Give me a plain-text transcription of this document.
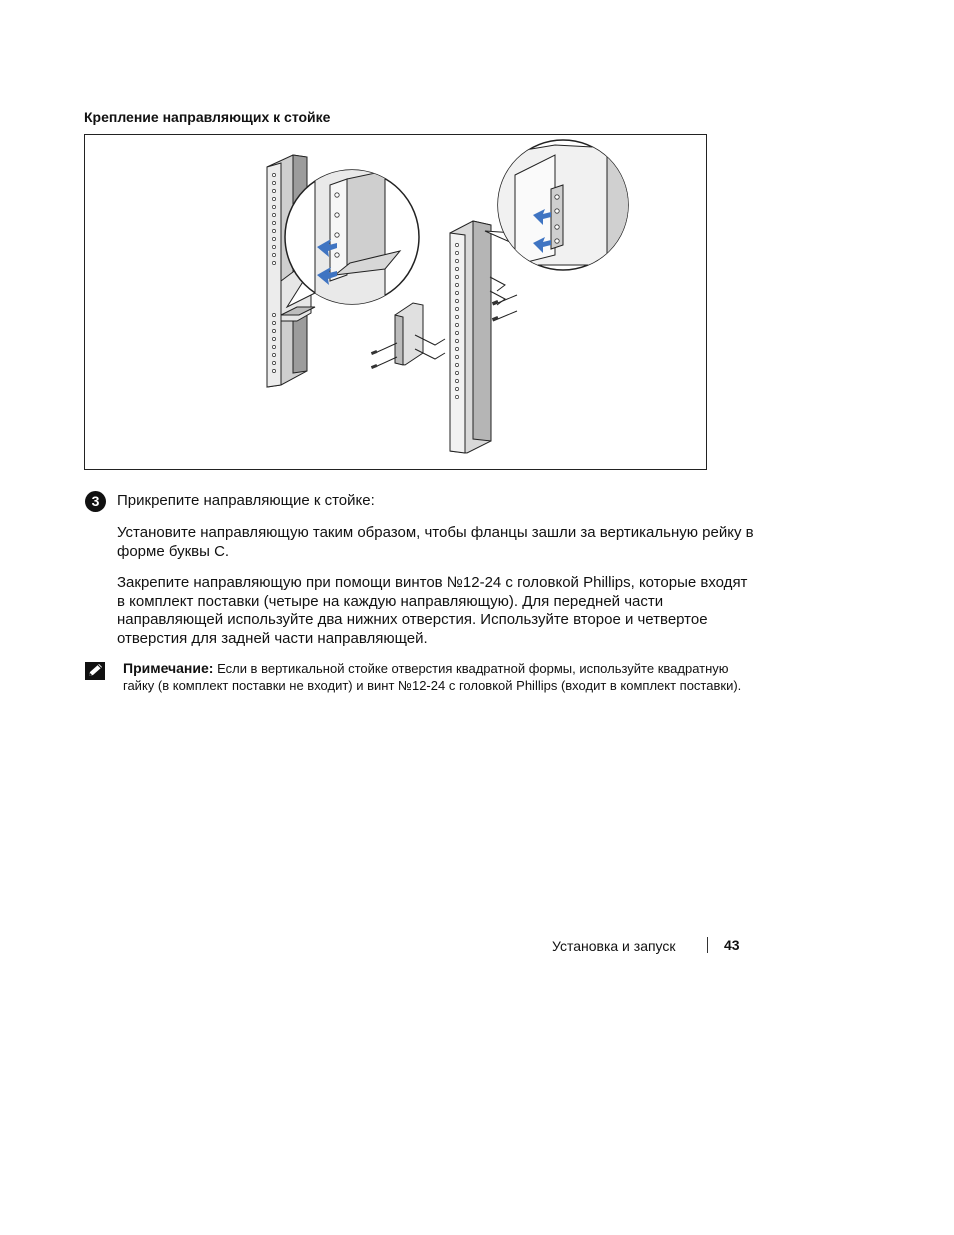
Крепление направляющих к стойке
3	Прикрепите направляющие к стойке:
Установите направляющую таким образом, чтобы фланцы зашли за вертикальную рейку в форме буквы С.
Закрепите направляющую при помощи винтов №12-24 с головкой Phillips, которые входят в комплект поставки (четыре на каждую направляющую). Для передней части направляющей используйте два нижних отверстия. Используйте второе и четвертое отверстия для задней части направляющей.
Примечание: Если в вертикальной стойке отверстия квадратной формы, используйте квадратную гайку (в комплект поставки не входит) и винт №12-24 с головкой Phillips (входит в комплект поставки).
Установка и запуск	43
